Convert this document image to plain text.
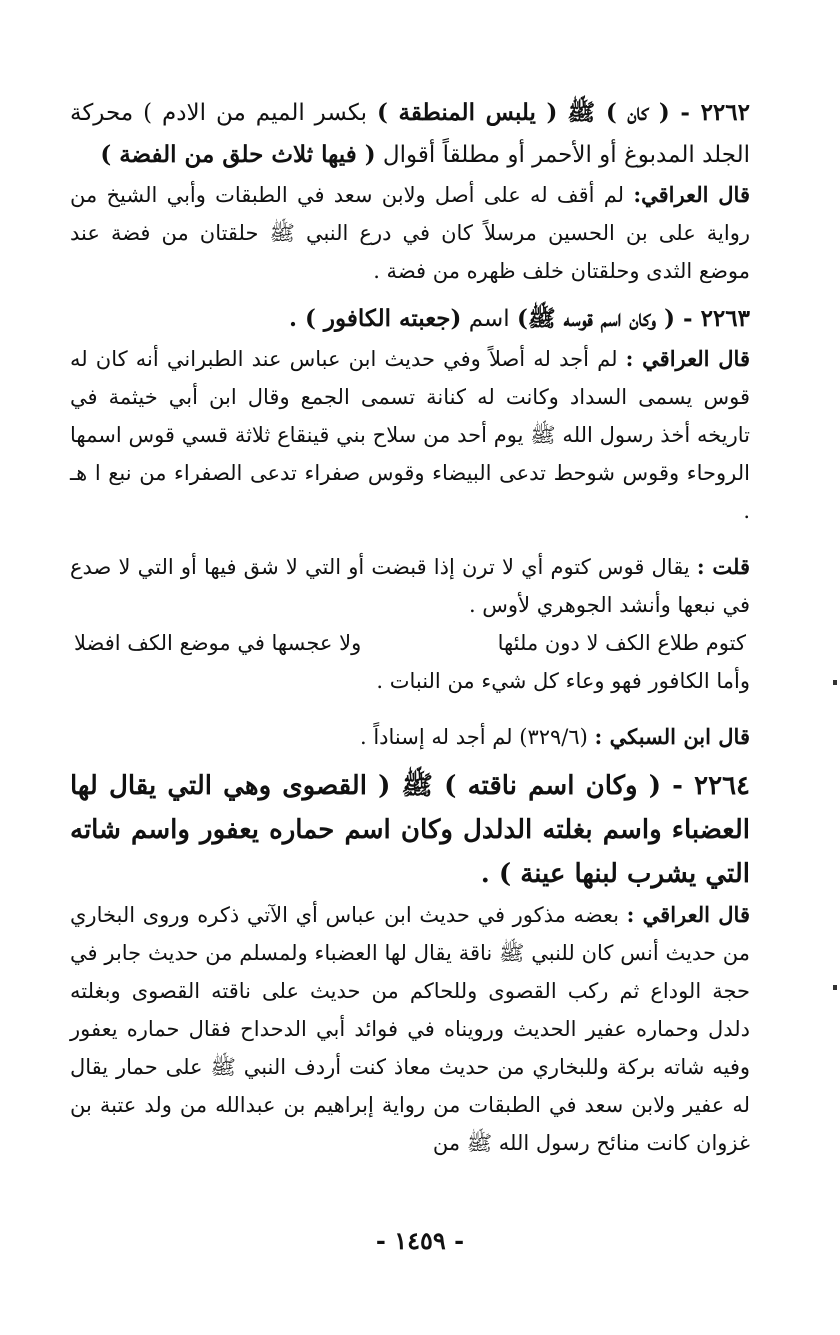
٢٢٦٢ - ( كان ) ﷺ ( يلبس المنطقة ) بكسر الميم من الادم ) محركة الجلد المدبوغ أو الأحمر أو مطلقاً أقوال ( فيها ثلاث حلق من الفضة )

قال العراقي: لم أقف له على أصل ولابن سعد في الطبقات وأبي الشيخ من رواية على بن الحسين مرسلاً كان في درع النبي ﷺ حلقتان من فضة عند موضع الثدى وحلقتان خلف ظهره من فضة .

٢٢٦٣ - ( وكان اسم قوسه ﷺ) اسم (جعبته الكافور ) .

قال العراقي : لم أجد له أصلاً وفي حديث ابن عباس عند الطبراني أنه كان له قوس يسمى السداد وكانت له كنانة تسمى الجمع وقال ابن أبي خيثمة في تاريخه أخذ رسول الله ﷺ يوم أحد من سلاح بني قينقاع ثلاثة قسي قوس اسمها الروحاء وقوس شوحط تدعى البيضاء وقوس صفراء تدعى الصفراء من نبع ا هـ .

قلت : يقال قوس كتوم أي لا ترن إذا قبضت أو التي لا شق فيها أو التي لا صدع في نبعها وأنشد الجوهري لأوس .

كتوم طلاع الكف لا دون ملئها
ولا عجسها في موضع الكف افضلا

وأما الكافور فهو وعاء كل شيء من النبات .

قال ابن السبكي : (٣٢٩/٦) لم أجد له إسناداً .

٢٢٦٤ - ( وكان اسم ناقته ) ﷺ ( القصوى وهي التي يقال لها العضباء واسم بغلته الدلدل وكان اسم حماره يعفور واسم شاته التي يشرب لبنها عينة ) .

قال العراقي : بعضه مذكور في حديث ابن عباس أي الآتي ذكره وروى البخاري من حديث أنس كان للنبي ﷺ ناقة يقال لها العضباء ولمسلم من حديث جابر في حجة الوداع ثم ركب القصوى وللحاكم من حديث على ناقته القصوى وبغلته دلدل وحماره عفير الحديث ورويناه في فوائد أبي الدحداح فقال حماره يعفور وفيه شاته بركة وللبخاري من حديث معاذ كنت أردف النبي ﷺ على حمار يقال له عفير ولابن سعد في الطبقات من رواية إبراهيم بن عبدالله من ولد عتبة بن غزوان كانت منائح رسول الله ﷺ من

- ١٤٥٩ -
